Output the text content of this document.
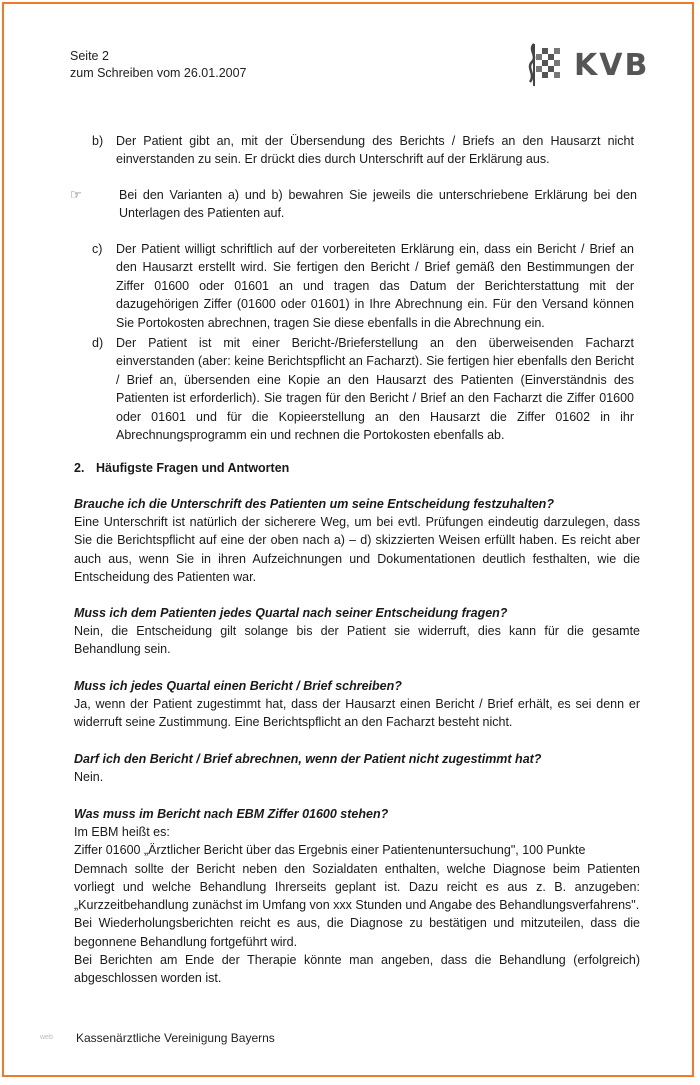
Seite 2
zum Schreiben vom 26.01.2007	KVB
b)	Der Patient gibt an, mit der Übersendung des Berichts / Briefs an den Hausarzt nicht einverstanden zu sein. Er drückt dies durch Unterschrift auf der Erklärung aus.
☞	Bei den Varianten a) und b) bewahren Sie jeweils die unterschriebene Erklärung bei den Unterlagen des Patienten auf.
c)	Der Patient willigt schriftlich auf der vorbereiteten Erklärung ein, dass ein Bericht / Brief an den Hausarzt erstellt wird. Sie fertigen den Bericht / Brief gemäß den Bestimmungen der Ziffer 01600 oder 01601 an und tragen das Datum der Berichterstattung mit der dazugehörigen Ziffer (01600 oder 01601) in Ihre Abrechnung ein. Für den Versand können Sie Portokosten abrechnen, tragen Sie diese ebenfalls in die Abrechnung ein.
d)	Der Patient ist mit einer Bericht-/Brieferstellung an den überweisenden Facharzt einverstanden (aber: keine Berichtspflicht an Facharzt). Sie fertigen hier ebenfalls den Bericht / Brief an, übersenden eine Kopie an den Hausarzt des Patienten (Einverständnis des Patienten ist erforderlich). Sie tragen für den Bericht / Brief an den Facharzt die Ziffer 01600 oder 01601 und für die Kopieerstellung an den Hausarzt die Ziffer 01602 in ihr Abrechnungsprogramm ein und rechnen die Portokosten ebenfalls ab.
2. Häufigste Fragen und Antworten
Brauche ich die Unterschrift des Patienten um seine Entscheidung festzuhalten?

Eine Unterschrift ist natürlich der sicherere Weg, um bei evtl. Prüfungen eindeutig darzulegen, dass Sie die Berichtspflicht auf eine der oben nach a) – d) skizzierten Weisen erfüllt haben. Es reicht aber auch aus, wenn Sie in ihren Aufzeichnungen und Dokumentationen deutlich festhalten, wie die Entscheidung des Patienten war.

Muss ich dem Patienten jedes Quartal nach seiner Entscheidung fragen?

Nein, die Entscheidung gilt solange bis der Patient sie widerruft, dies kann für die gesamte Behandlung sein.

Muss ich jedes Quartal einen Bericht / Brief schreiben?

Ja, wenn der Patient zugestimmt hat, dass der Hausarzt einen Bericht / Brief erhält, es sei denn er widerruft seine Zustimmung. Eine Berichtspflicht an den Facharzt besteht nicht.

Darf ich den Bericht / Brief abrechnen, wenn der Patient nicht zugestimmt hat?

Nein.

Was muss im Bericht nach EBM Ziffer 01600 stehen?

Im EBM heißt es:

Ziffer 01600 „Ärztlicher Bericht über das Ergebnis einer Patientenuntersuchung", 100 Punkte

Demnach sollte der Bericht neben den Sozialdaten enthalten, welche Diagnose beim Patienten vorliegt und welche Behandlung Ihrerseits geplant ist. Dazu reicht es aus z. B. anzugeben: „Kurzzeitbehandlung zunächst im Umfang von xxx Stunden und Angabe des Behandlungsverfahrens".

Bei Wiederholungsberichten reicht es aus, die Diagnose zu bestätigen und mitzuteilen, dass die begonnene Behandlung fortgeführt wird.

Bei Berichten am Ende der Therapie könnte man angeben, dass die Behandlung (erfolgreich) abgeschlossen worden ist.

web Kassenärztliche Vereinigung Bayerns
